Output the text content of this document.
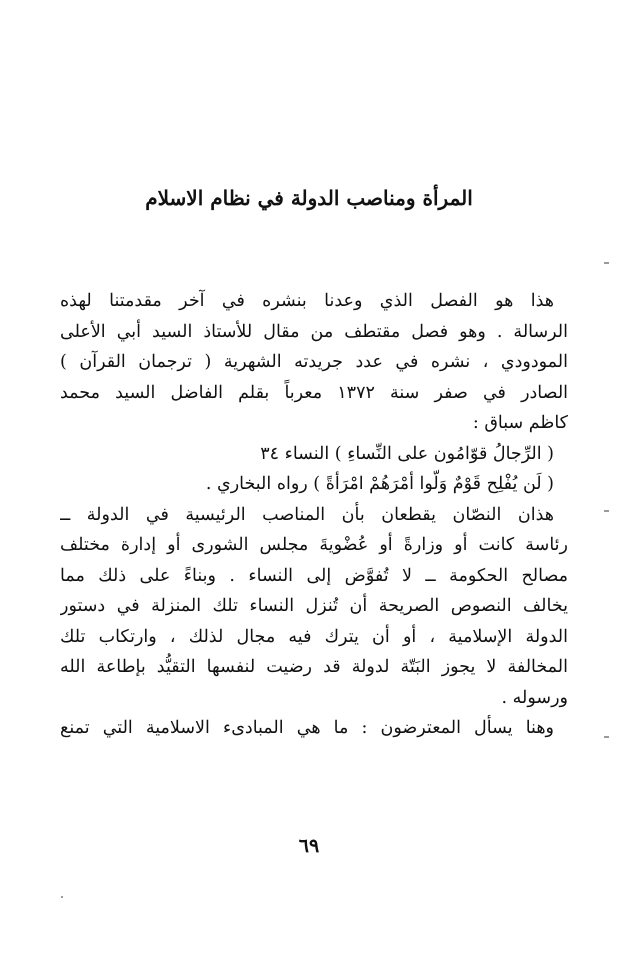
المرأة ومناصب الدولة في نظام الاسلام
هذا هو الفصل الذي وعدنا بنشره في آخر مقدمتنا لهذه
الرسالة . وهو فصل مقتطف من مقال للأستاذ السيد أبي الأعلى
المودودي ، نشره في عدد جريدته الشهرية ( ترجمان القرآن )
الصادر في صفر سنة ١٣٧٢ معرباً بقلم الفاضل السيد محمد
كاظم سباق :
( الرِّجالُ قوّامُون على النِّساءِ ) النساء ٣٤
( لَن يُفْلِح قَوْمٌ وَلّوا أمْرَهُمْ امْرَأةً ) رواه البخاري .
هذان النصّان يقطعان بأن المناصب الرئيسية في الدولة ــ
رئاسة كانت أو وزارةً أو عُضْويةَ مجلس الشورى أو إدارة مختلف
مصالح الحكومة ــ لا تُفوَّض إلى النساء . وبناءً على ذلك مما
يخالف النصوص الصريحة أن تُنزل النساء تلك المنزلة في دستور
الدولة الإسلامية ، أو أن يترك فيه مجال لذلك ، وارتكاب تلك
المخالفة لا يجوز البَتّة لدولة قد رضيت لنفسها التقيُّد بإطاعة الله
ورسوله .
وهنا يسأل المعترضون : ما هي المبادىء الاسلامية التي تمنع
٦٩
